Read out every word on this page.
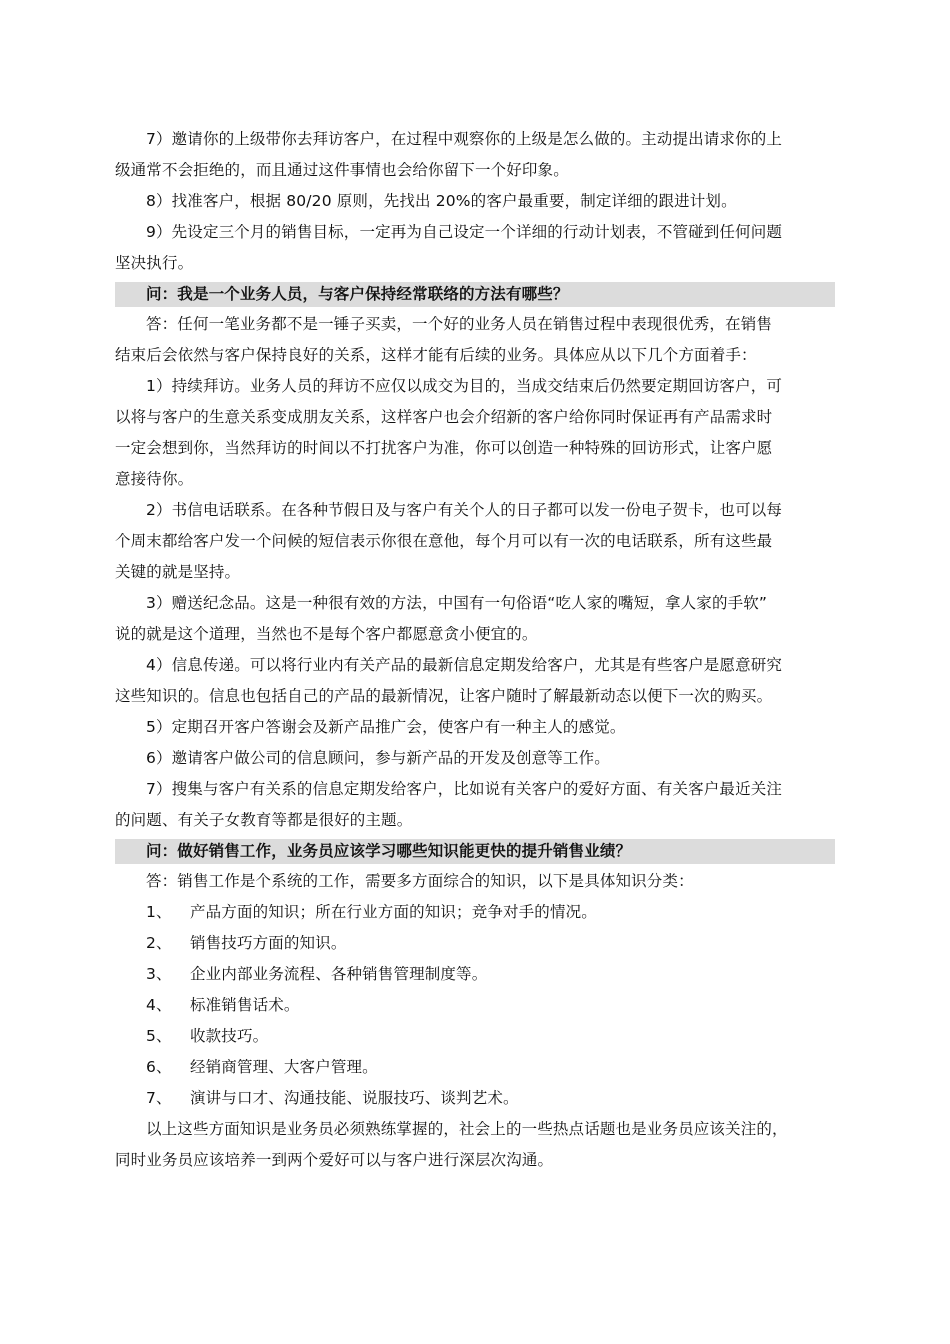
7）邀请你的上级带你去拜访客户，在过程中观察你的上级是怎么做的。主动提出请求你的上
级通常不会拒绝的，而且通过这件事情也会给你留下一个好印象。

8）找准客户，根据 80/20 原则，先找出 20%的客户最重要，制定详细的跟进计划。

9）先设定三个月的销售目标，一定再为自己设定一个详细的行动计划表，不管碰到任何问题
坚决执行。

问：我是一个业务人员，与客户保持经常联络的方法有哪些？

答：任何一笔业务都不是一锤子买卖，一个好的业务人员在销售过程中表现很优秀，在销售
结束后会依然与客户保持良好的关系，这样才能有后续的业务。具体应从以下几个方面着手：

1）持续拜访。业务人员的拜访不应仅以成交为目的，当成交结束后仍然要定期回访客户，可
以将与客户的生意关系变成朋友关系，这样客户也会介绍新的客户给你同时保证再有产品需求时
一定会想到你，当然拜访的时间以不打扰客户为准，你可以创造一种特殊的回访形式，让客户愿
意接待你。

2）书信电话联系。在各种节假日及与客户有关个人的日子都可以发一份电子贺卡，也可以每
个周末都给客户发一个问候的短信表示你很在意他，每个月可以有一次的电话联系，所有这些最
关键的就是坚持。

3）赠送纪念品。这是一种很有效的方法，中国有一句俗语“吃人家的嘴短，拿人家的手软”
说的就是这个道理，当然也不是每个客户都愿意贪小便宜的。

4）信息传递。可以将行业内有关产品的最新信息定期发给客户，尤其是有些客户是愿意研究
这些知识的。信息也包括自己的产品的最新情况，让客户随时了解最新动态以便下一次的购买。

5）定期召开客户答谢会及新产品推广会，使客户有一种主人的感觉。

6）邀请客户做公司的信息顾问，参与新产品的开发及创意等工作。

7）搜集与客户有关系的信息定期发给客户，比如说有关客户的爱好方面、有关客户最近关注
的问题、有关子女教育等都是很好的主题。

问：做好销售工作，业务员应该学习哪些知识能更快的提升销售业绩？

答：销售工作是个系统的工作，需要多方面综合的知识，以下是具体知识分类：

1、 产品方面的知识；所在行业方面的知识；竞争对手的情况。

2、 销售技巧方面的知识。

3、 企业内部业务流程、各种销售管理制度等。

4、 标准销售话术。

5、 收款技巧。

6、 经销商管理、大客户管理。

7、 演讲与口才、沟通技能、说服技巧、谈判艺术。

以上这些方面知识是业务员必须熟练掌握的，社会上的一些热点话题也是业务员应该关注的，
同时业务员应该培养一到两个爱好可以与客户进行深层次沟通。
